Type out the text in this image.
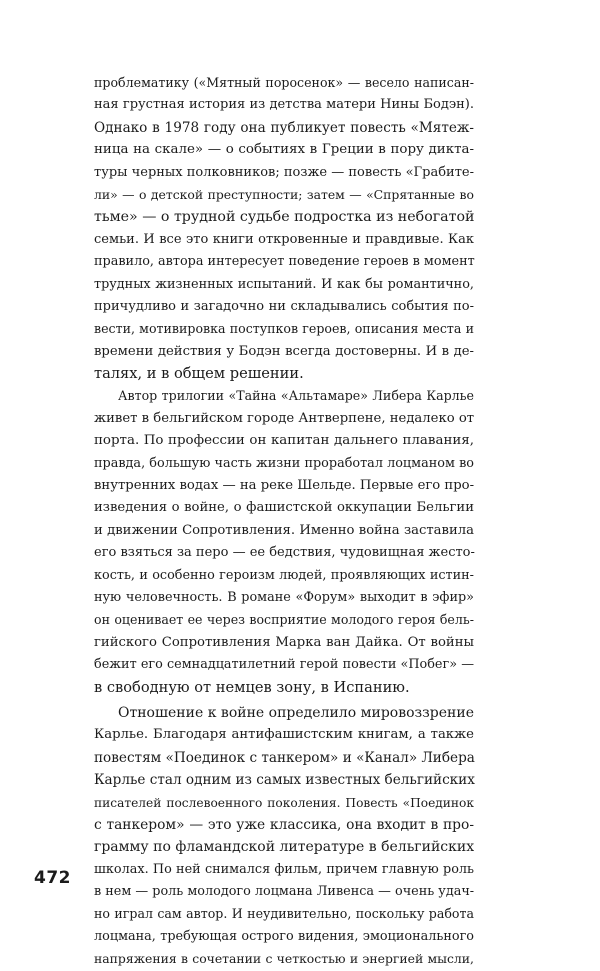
проблематику («Мятный поросенок» — весело написан-
ная грустная история из детства матери Нины Бодэн).
Однако в 1978 году она публикует повесть «Мятеж-
ница на скале» — о событиях в Греции в пору дикта-
туры черных полковников; позже — повесть «Грабите-
ли» — о детской преступности; затем — «Спрятанные во
тьме» — о трудной судьбе подростка из небогатой
семьи. И все это книги откровенные и правдивые. Как
правило, автора интересует поведение героев в момент
трудных жизненных испытаний. И как бы романтично,
причудливо и загадочно ни складывались события по-
вести, мотивировка поступков героев, описания места и
времени действия у Бодэн всегда достоверны. И в де-
талях, и в общем решении.
Автор трилогии «Тайна «Альтамаре» Либера Карлье
живет в бельгийском городе Антверпене, недалеко от
порта. По профессии он капитан дальнего плавания,
правда, большую часть жизни проработал лоцманом во
внутренних водах — на реке Шельде. Первые его про-
изведения о войне, о фашистской оккупации Бельгии
и движении Сопротивления. Именно война заставила
его взяться за перо — ее бедствия, чудовищная жесто-
кость, и особенно героизм людей, проявляющих истин-
ную человечность. В романе «Форум» выходит в эфир»
он оценивает ее через восприятие молодого героя бель-
гийского Сопротивления Марка ван Дайка. От войны
бежит его семнадцатилетний герой повести «Побег» —
в свободную от немцев зону, в Испанию.
Отношение к войне определило мировоззрение
Карлье. Благодаря антифашистским книгам, а также
повестям «Поединок с танкером» и «Канал» Либера
Карлье стал одним из самых известных бельгийских
писателей послевоенного поколения. Повесть «Поединок
с танкером» — это уже классика, она входит в про-
грамму по фламандской литературе в бельгийских
школах. По ней снимался фильм, причем главную роль
в нем — роль молодого лоцмана Ливенса — очень удач-
но играл сам автор. И неудивительно, поскольку работа
лоцмана, требующая острого видения, эмоционального
напряжения в сочетании с четкостью и энергией мысли,
472
